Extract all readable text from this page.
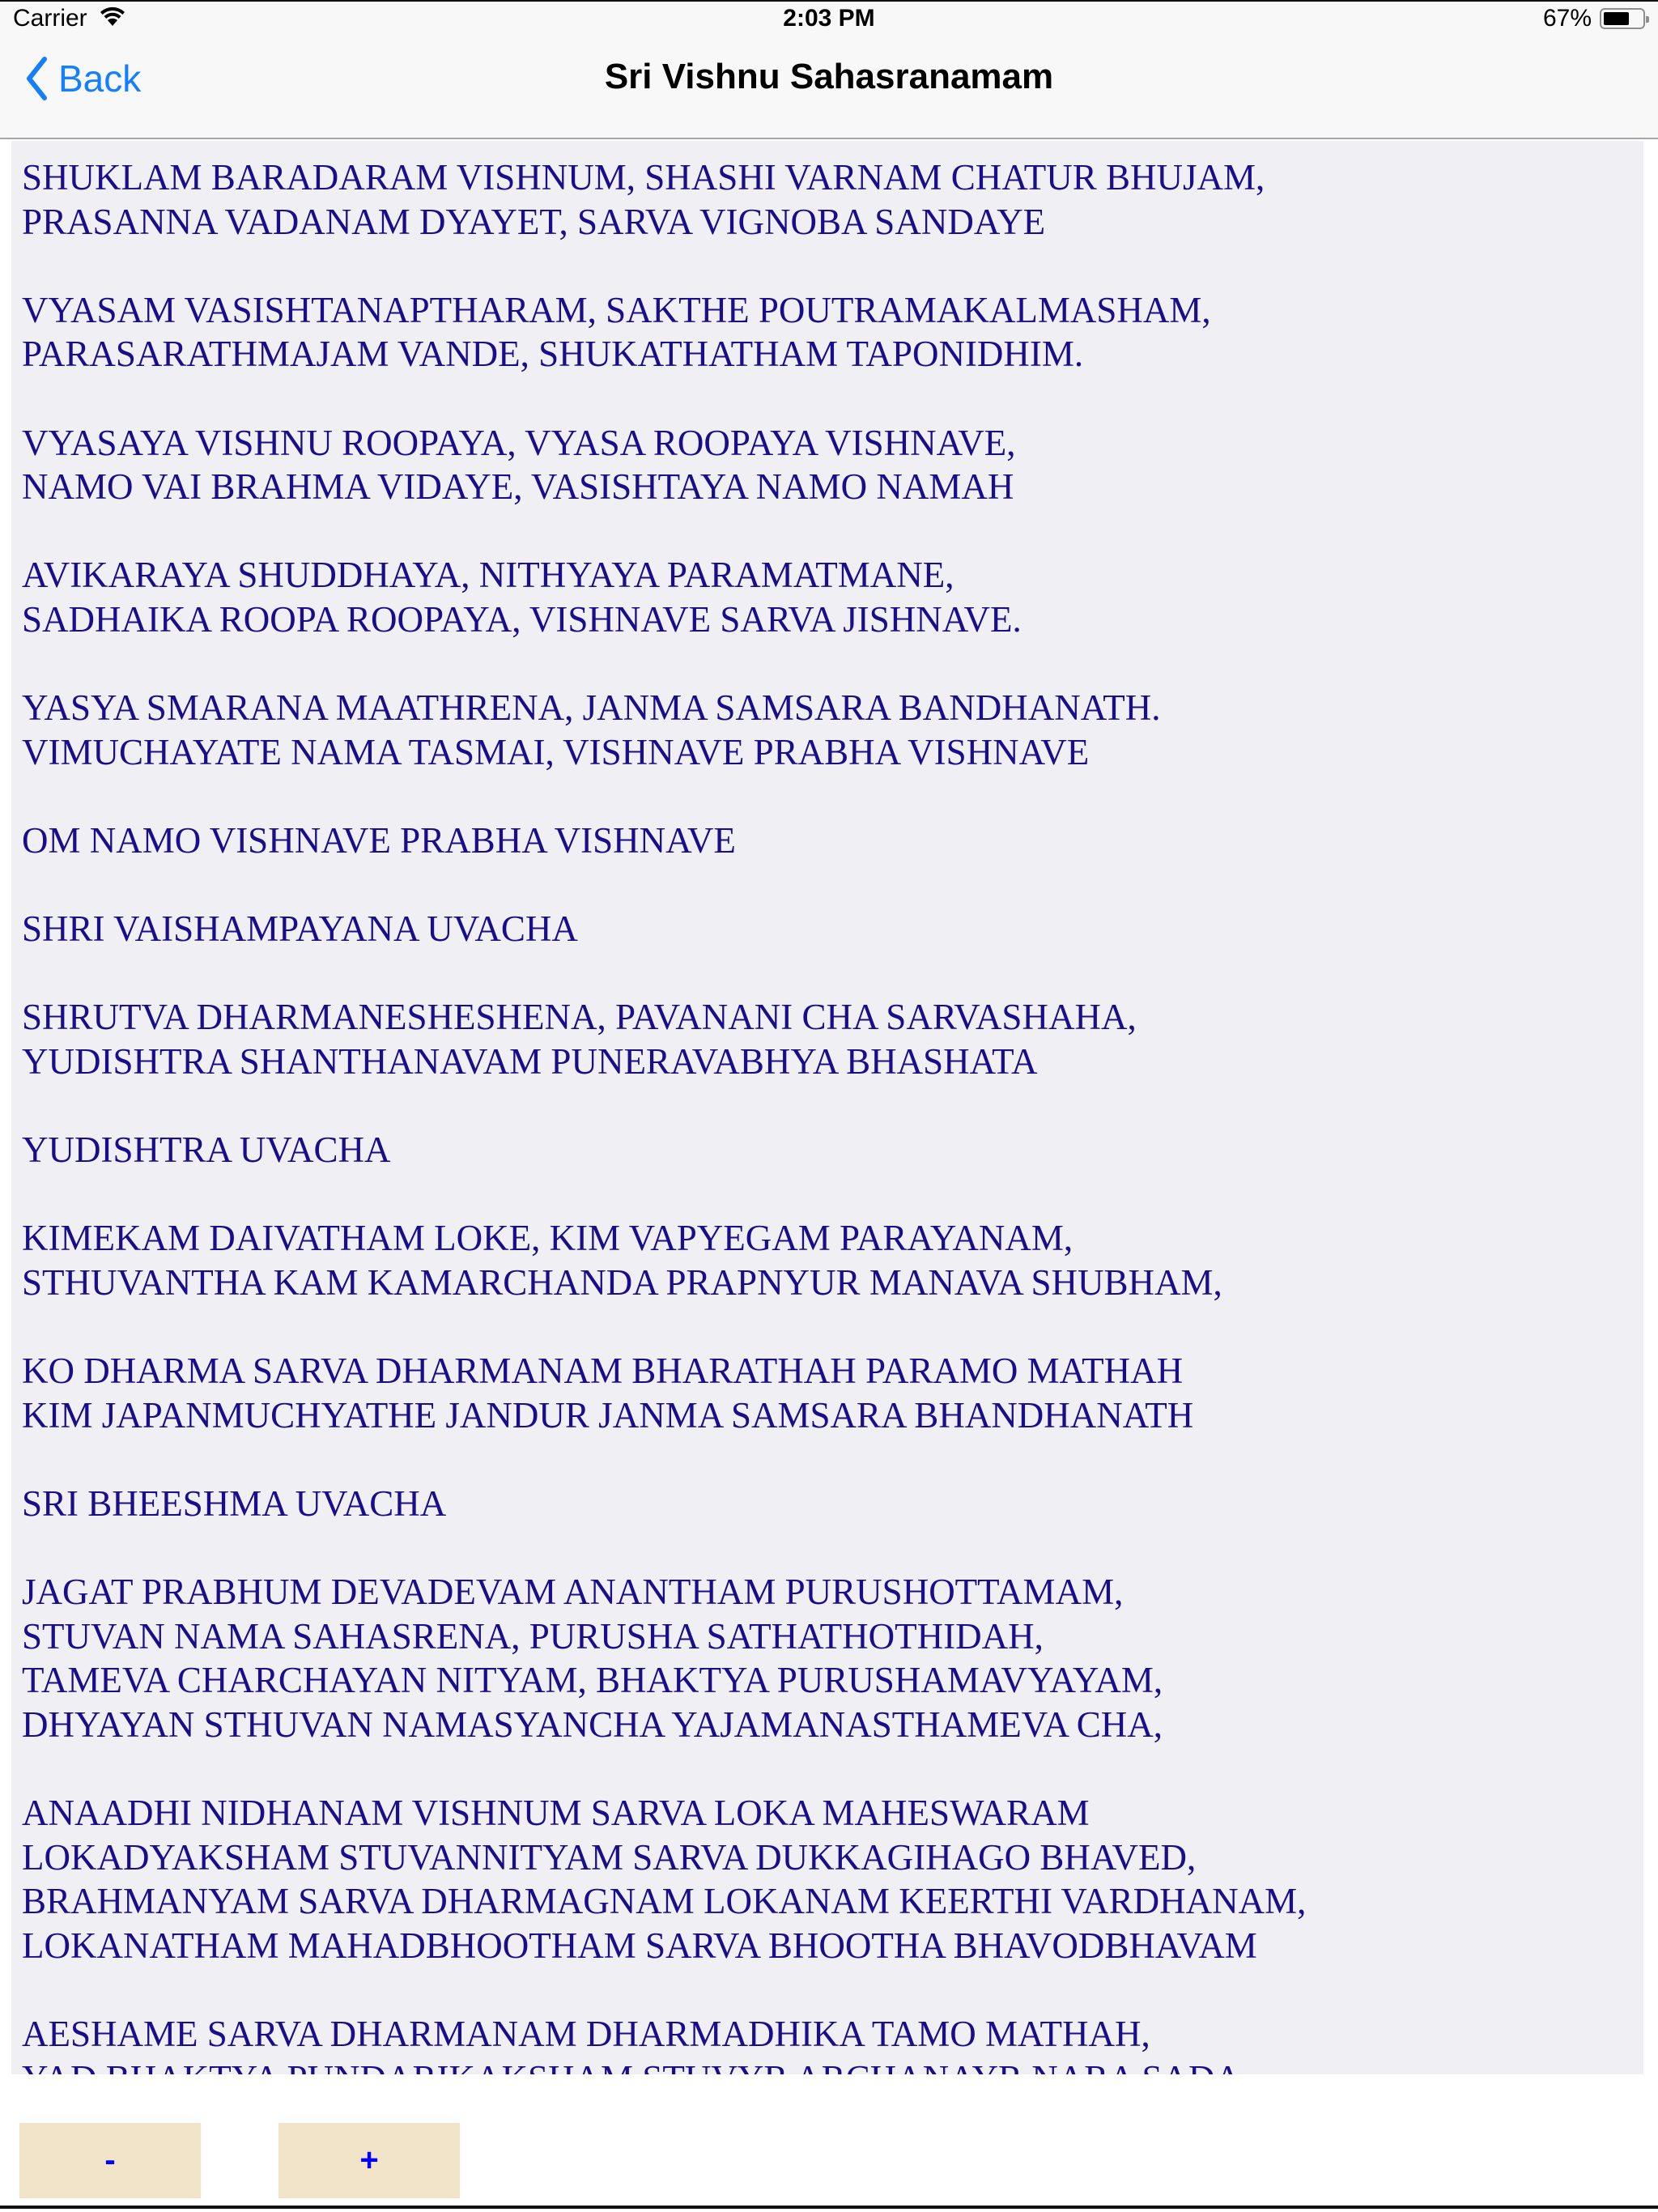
Carrier	2:03 PM	67%
Back	Sri Vishnu Sahasranamam
SHUKLAM BARADARAM VISHNUM, SHASHI VARNAM CHATUR BHUJAM,
PRASANNA VADANAM DYAYET, SARVA VIGNOBA SANDAYE
VYASAM VASISHTANAPTHARAM, SAKTHE POUTRAMAKALMASHAM,
PARASARATHMAJAM VANDE, SHUKATHATHAM TAPONIDHIM.
VYASAYA VISHNU ROOPAYA, VYASA ROOPAYA VISHNAVE,
NAMO VAI BRAHMA VIDAYE, VASISHTAYA NAMO NAMAH
AVIKARAYA SHUDDHAYA, NITHYAYA PARAMATMANE,
SADHAIKA ROOPA ROOPAYA, VISHNAVE SARVA JISHNAVE.
YASYA SMARANA MAATHRENA, JANMA SAMSARA BANDHANATH.
VIMUCHAYATE NAMA TASMAI, VISHNAVE PRABHA VISHNAVE
OM NAMO VISHNAVE PRABHA VISHNAVE
SHRI VAISHAMPAYANA UVACHA
SHRUTVA DHARMANESHESHENA, PAVANANI CHA SARVASHAHA,
YUDISHTRA SHANTHANAVAM PUNERAVABHYA BHASHATA
YUDISHTRA UVACHA
KIMEKAM DAIVATHAM LOKE, KIM VAPYEGAM PARAYANAM,
STHUVANTHA KAM KAMARCHANDA PRAPNYUR MANAVA SHUBHAM,
KO DHARMA SARVA DHARMANAM BHARATHAH PARAMO MATHAH
KIM JAPANMUCHYATHE JANDUR JANMA SAMSARA BHANDHANATH
SRI BHEESHMA UVACHA
JAGAT PRABHUM DEVADEVAM ANANTHAM PURUSHOTTAMAM,
STUVAN NAMA SAHASRENA, PURUSHA SATHATHOTHIDAH,
TAMEVA CHARCHAYAN NITYAM, BHAKTYA PURUSHAMAVYAYAM,
DHYAYAN STHUVAN NAMASYANCHA YAJAMANASTHAMEVA CHA,
ANAADHI NIDHANAM VISHNUM SARVA LOKA MAHESWARAM
LOKADYAKSHAM STUVANNITYAM SARVA DUKKAGIHAGO BHAVED,
BRAHMANYAM SARVA DHARMAGNAM LOKANAM KEERTHI VARDHANAM,
LOKANATHAM MAHADBHOOTHAM SARVA BHOOTHA BHAVODBHAVAM
AESHAME SARVA DHARMANAM DHARMADHIKA TAMO MATHAH,
-	+
